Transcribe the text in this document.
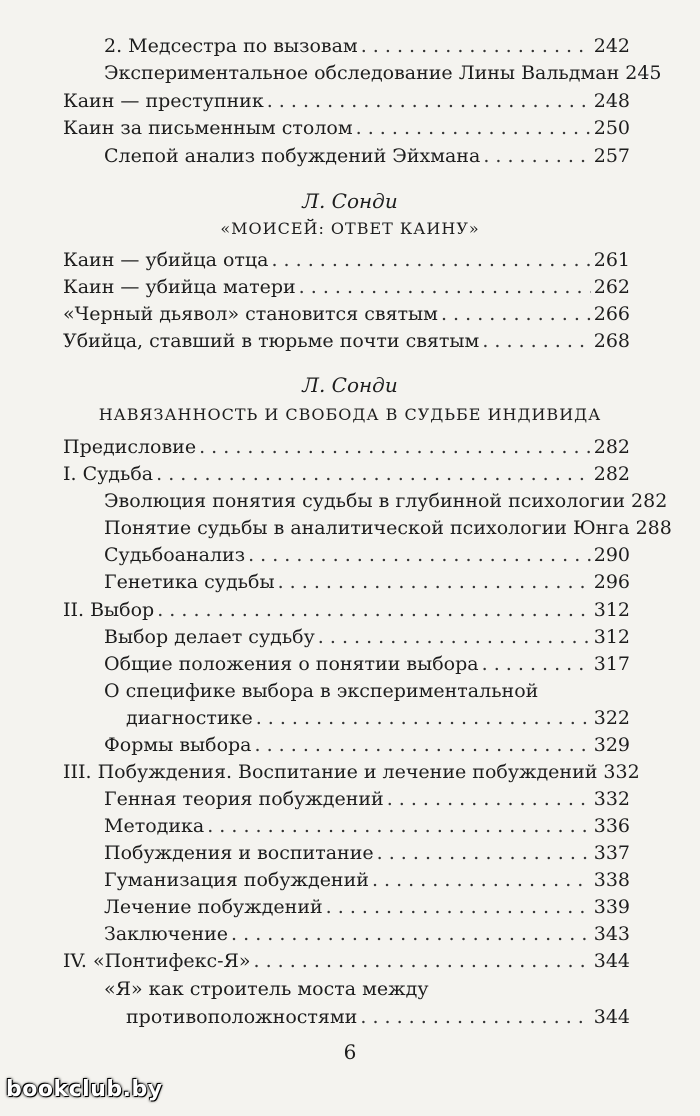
2. Медсестра по вызовам . . .	242
Экспериментальное обследование Лины Вальдман 245
Каин — преступник . . .	248
Каин за письменным столом . . .	250
Слепой анализ побуждений Эйхмана . . .	257
Л. Сонди
«МОИСЕЙ: ОТВЕТ КАИНУ»
Каин — убийца отца . . .	261
Каин — убийца матери . . .	262
«Черный дьявол» становится святым . . .	266
Убийца, ставший в тюрьме почти святым . . .	268
Л. Сонди
НАВЯЗАННОСТЬ И СВОБОДА В СУДЬБЕ ИНДИВИДА
Предисловие . . .	282
I. Судьба . . .	282
Эволюция понятия судьбы в глубинной психологии 282
Понятие судьбы в аналитической психологии Юнга 288
Судьбоанализ . . .	290
Генетика судьбы . . .	296
II. Выбор . . .	312
Выбор делает судьбу . . .	312
Общие положения о понятии выбора . . .	317
О специфике выбора в экспериментальной
диагностике . . .	322
Формы выбора . . .	329
III. Побуждения. Воспитание и лечение побуждений 332
Генная теория побуждений . . .	332
Методика . . .	336
Побуждения и воспитание . . .	337
Гуманизация побуждений . . .	338
Лечение побуждений . . .	339
Заключение . . .	343
IV. «Понтифекс-Я» . . .	344
«Я» как строитель моста между
противоположностями . . .	344
6
bookclub.by
